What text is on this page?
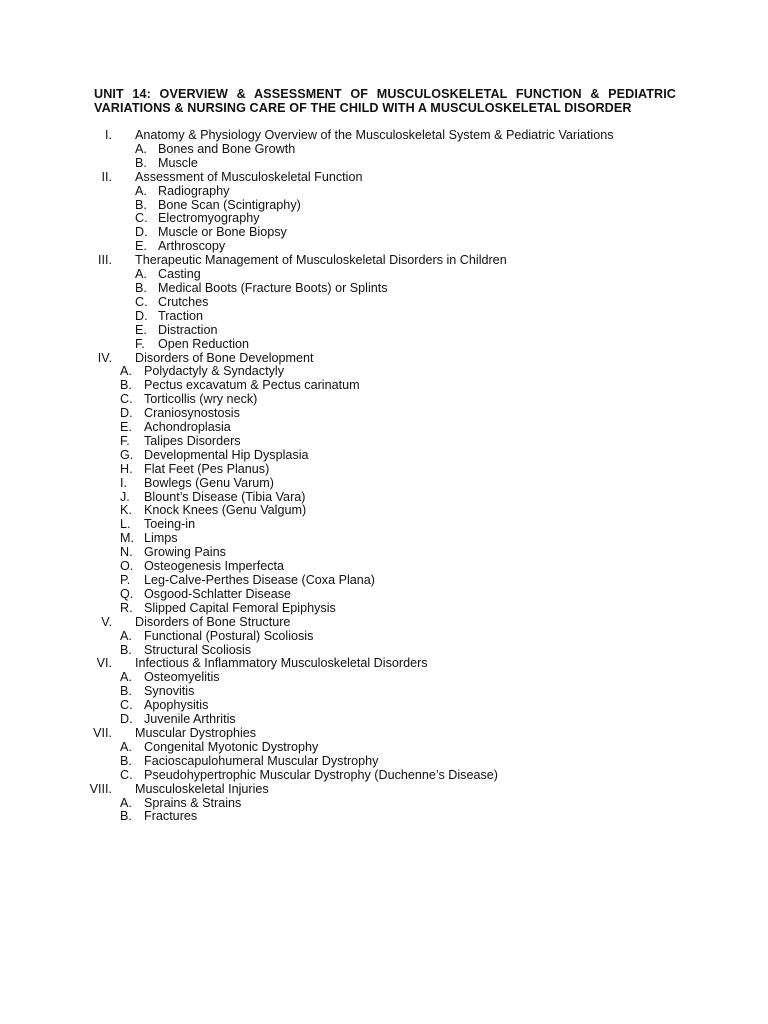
UNIT 14: OVERVIEW & ASSESSMENT OF MUSCULOSKELETAL FUNCTION & PEDIATRIC VARIATIONS & NURSING CARE OF THE CHILD WITH A MUSCULOSKELETAL DISORDER
I. Anatomy & Physiology Overview of the Musculoskeletal System & Pediatric Variations
A. Bones and Bone Growth
B. Muscle
II. Assessment of Musculoskeletal Function
A. Radiography
B. Bone Scan (Scintigraphy)
C. Electromyography
D. Muscle or Bone Biopsy
E. Arthroscopy
III. Therapeutic Management of Musculoskeletal Disorders in Children
A. Casting
B. Medical Boots (Fracture Boots) or Splints
C. Crutches
D. Traction
E. Distraction
F. Open Reduction
IV. Disorders of Bone Development
A. Polydactyly & Syndactyly
B. Pectus excavatum & Pectus carinatum
C. Torticollis (wry neck)
D. Craniosynostosis
E. Achondroplasia
F. Talipes Disorders
G. Developmental Hip Dysplasia
H. Flat Feet (Pes Planus)
I.	Bowlegs (Genu Varum)
J. Blount’s Disease (Tibia Vara)
K. Knock Knees (Genu Valgum)
L. Toeing-in
M. Limps
N. Growing Pains
O. Osteogenesis Imperfecta
P. Leg-Calve-Perthes Disease (Coxa Plana)
Q. Osgood-Schlatter Disease
R. Slipped Capital Femoral Epiphysis
V. Disorders of Bone Structure
A. Functional (Postural) Scoliosis
B. Structural Scoliosis
VI. Infectious & Inflammatory Musculoskeletal Disorders
A. Osteomyelitis
B. Synovitis
C. Apophysitis
D. Juvenile Arthritis
VII. Muscular Dystrophies
A. Congenital Myotonic Dystrophy
B. Facioscapulohumeral Muscular Dystrophy
C. Pseudohypertrophic Muscular Dystrophy (Duchenne’s Disease)
VIII. Musculoskeletal Injuries
A. Sprains & Strains
B. Fractures
